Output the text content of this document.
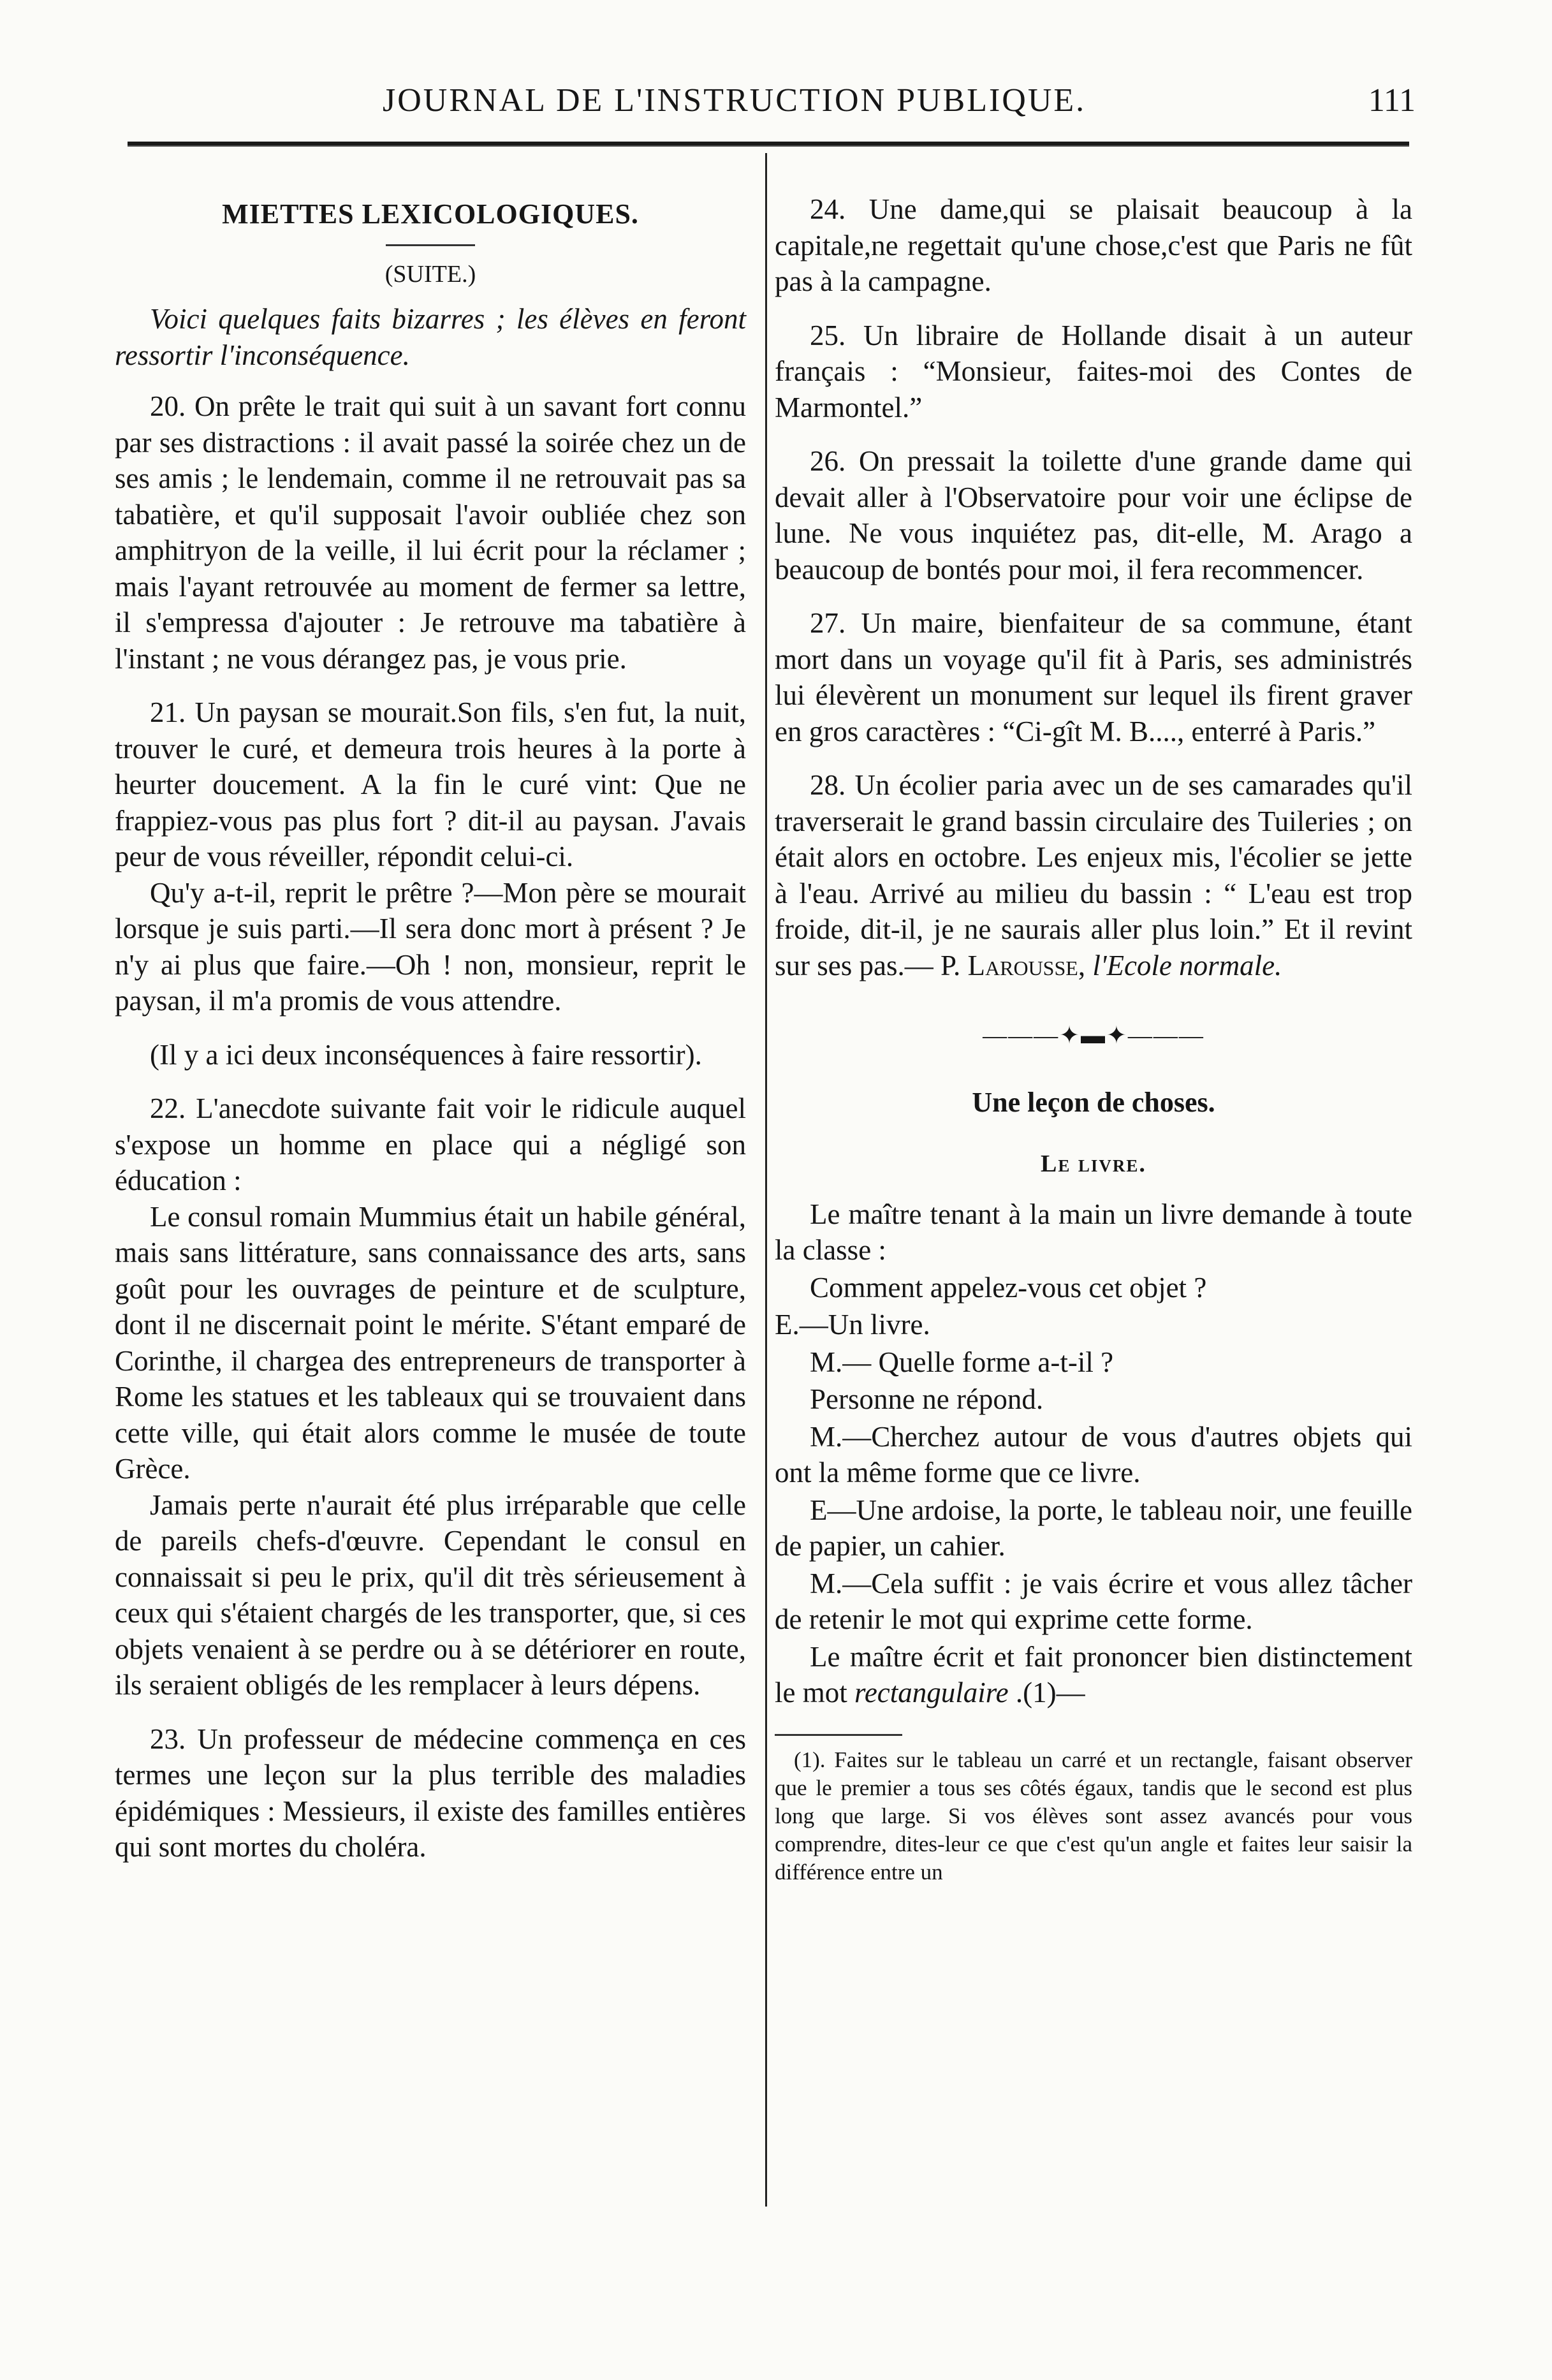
JOURNAL DE L'INSTRUCTION PUBLIQUE.	111
MIETTES LEXICOLOGIQUES.
(SUITE.)

Voici quelques faits bizarres ; les élèves en feront ressortir l'inconséquence.

20. On prête le trait qui suit à un savant fort connu par ses distractions : il avait passé la soirée chez un de ses amis ; le lendemain, comme il ne retrouvait pas sa tabatière, et qu'il supposait l'avoir oubliée chez son amphitryon de la veille, il lui écrit pour la réclamer ; mais l'ayant retrouvée au moment de fermer sa lettre, il s'empressa d'ajouter : Je retrouve ma tabatière à l'instant ; ne vous dérangez pas, je vous prie.

21. Un paysan se mourait.Son fils, s'en fut, la nuit, trouver le curé, et demeura trois heures à la porte à heurter doucement. A la fin le curé vint: Que ne frappiez-vous pas plus fort ? dit-il au paysan. J'avais peur de vous réveiller, répondit celui-ci.

Qu'y a-t-il, reprit le prêtre ?—Mon père se mourait lorsque je suis parti.—Il sera donc mort à présent ? Je n'y ai plus que faire.—Oh ! non, monsieur, reprit le paysan, il m'a promis de vous attendre.

(Il y a ici deux inconséquences à faire ressortir).

22. L'anecdote suivante fait voir le ridicule auquel s'expose un homme en place qui a négligé son éducation :

Le consul romain Mummius était un habile général, mais sans littérature, sans connaissance des arts, sans goût pour les ouvrages de peinture et de sculpture, dont il ne discernait point le mérite. S'étant emparé de Corinthe, il chargea des entrepreneurs de transporter à Rome les statues et les tableaux qui se trouvaient dans cette ville, qui était alors comme le musée de toute Grèce.

Jamais perte n'aurait été plus irréparable que celle de pareils chefs-d'œuvre. Cependant le consul en connaissait si peu le prix, qu'il dit très sérieusement à ceux qui s'étaient chargés de les transporter, que, si ces objets venaient à se perdre ou à se détériorer en route, ils seraient obligés de les remplacer à leurs dépens.

23. Un professeur de médecine commença en ces termes une leçon sur la plus terrible des maladies épidémiques : Messieurs, il existe des familles entières qui sont mortes du choléra.

24. Une dame,qui se plaisait beaucoup à la capitale,ne regettait qu'une chose,c'est que Paris ne fût pas à la campagne.

25. Un libraire de Hollande disait à un auteur français : “Monsieur, faites-moi des Contes de Marmontel.”

26. On pressait la toilette d'une grande dame qui devait aller à l'Observatoire pour voir une éclipse de lune. Ne vous inquiétez pas, dit-elle, M. Arago a beaucoup de bontés pour moi, il fera recommencer.

27. Un maire, bienfaiteur de sa commune, étant mort dans un voyage qu'il fit à Paris, ses administrés lui élevèrent un monument sur lequel ils firent graver en gros caractères : “Ci-gît M. B...., enterré à Paris.”

28. Un écolier paria avec un de ses camarades qu'il traverserait le grand bassin circulaire des Tuileries ; on était alors en octobre. Les enjeux mis, l'écolier se jette à l'eau. Arrivé au milieu du bassin : “ L'eau est trop froide, dit-il, je ne saurais aller plus loin.” Et il revint sur ses pas.— P. Larousse, l'Ecole normale.

———✦▬✦———
Une leçon de choses.
Le livre.

Le maître tenant à la main un livre demande à toute la classe :

Comment appelez-vous cet objet ?

E.—Un livre.

M.— Quelle forme a-t-il ?

Personne ne répond.

M.—Cherchez autour de vous d'autres objets qui ont la même forme que ce livre.

E—Une ardoise, la porte, le tableau noir, une feuille de papier, un cahier.

M.—Cela suffit : je vais écrire et vous allez tâcher de retenir le mot qui exprime cette forme.

Le maître écrit et fait prononcer bien distinctement le mot rectangulaire .(1)—

(1). Faites sur le tableau un carré et un rectangle, faisant observer que le premier a tous ses côtés égaux, tandis que le second est plus long que large. Si vos élèves sont assez avancés pour vous comprendre, dites-leur ce que c'est qu'un angle et faites leur saisir la différence entre un
